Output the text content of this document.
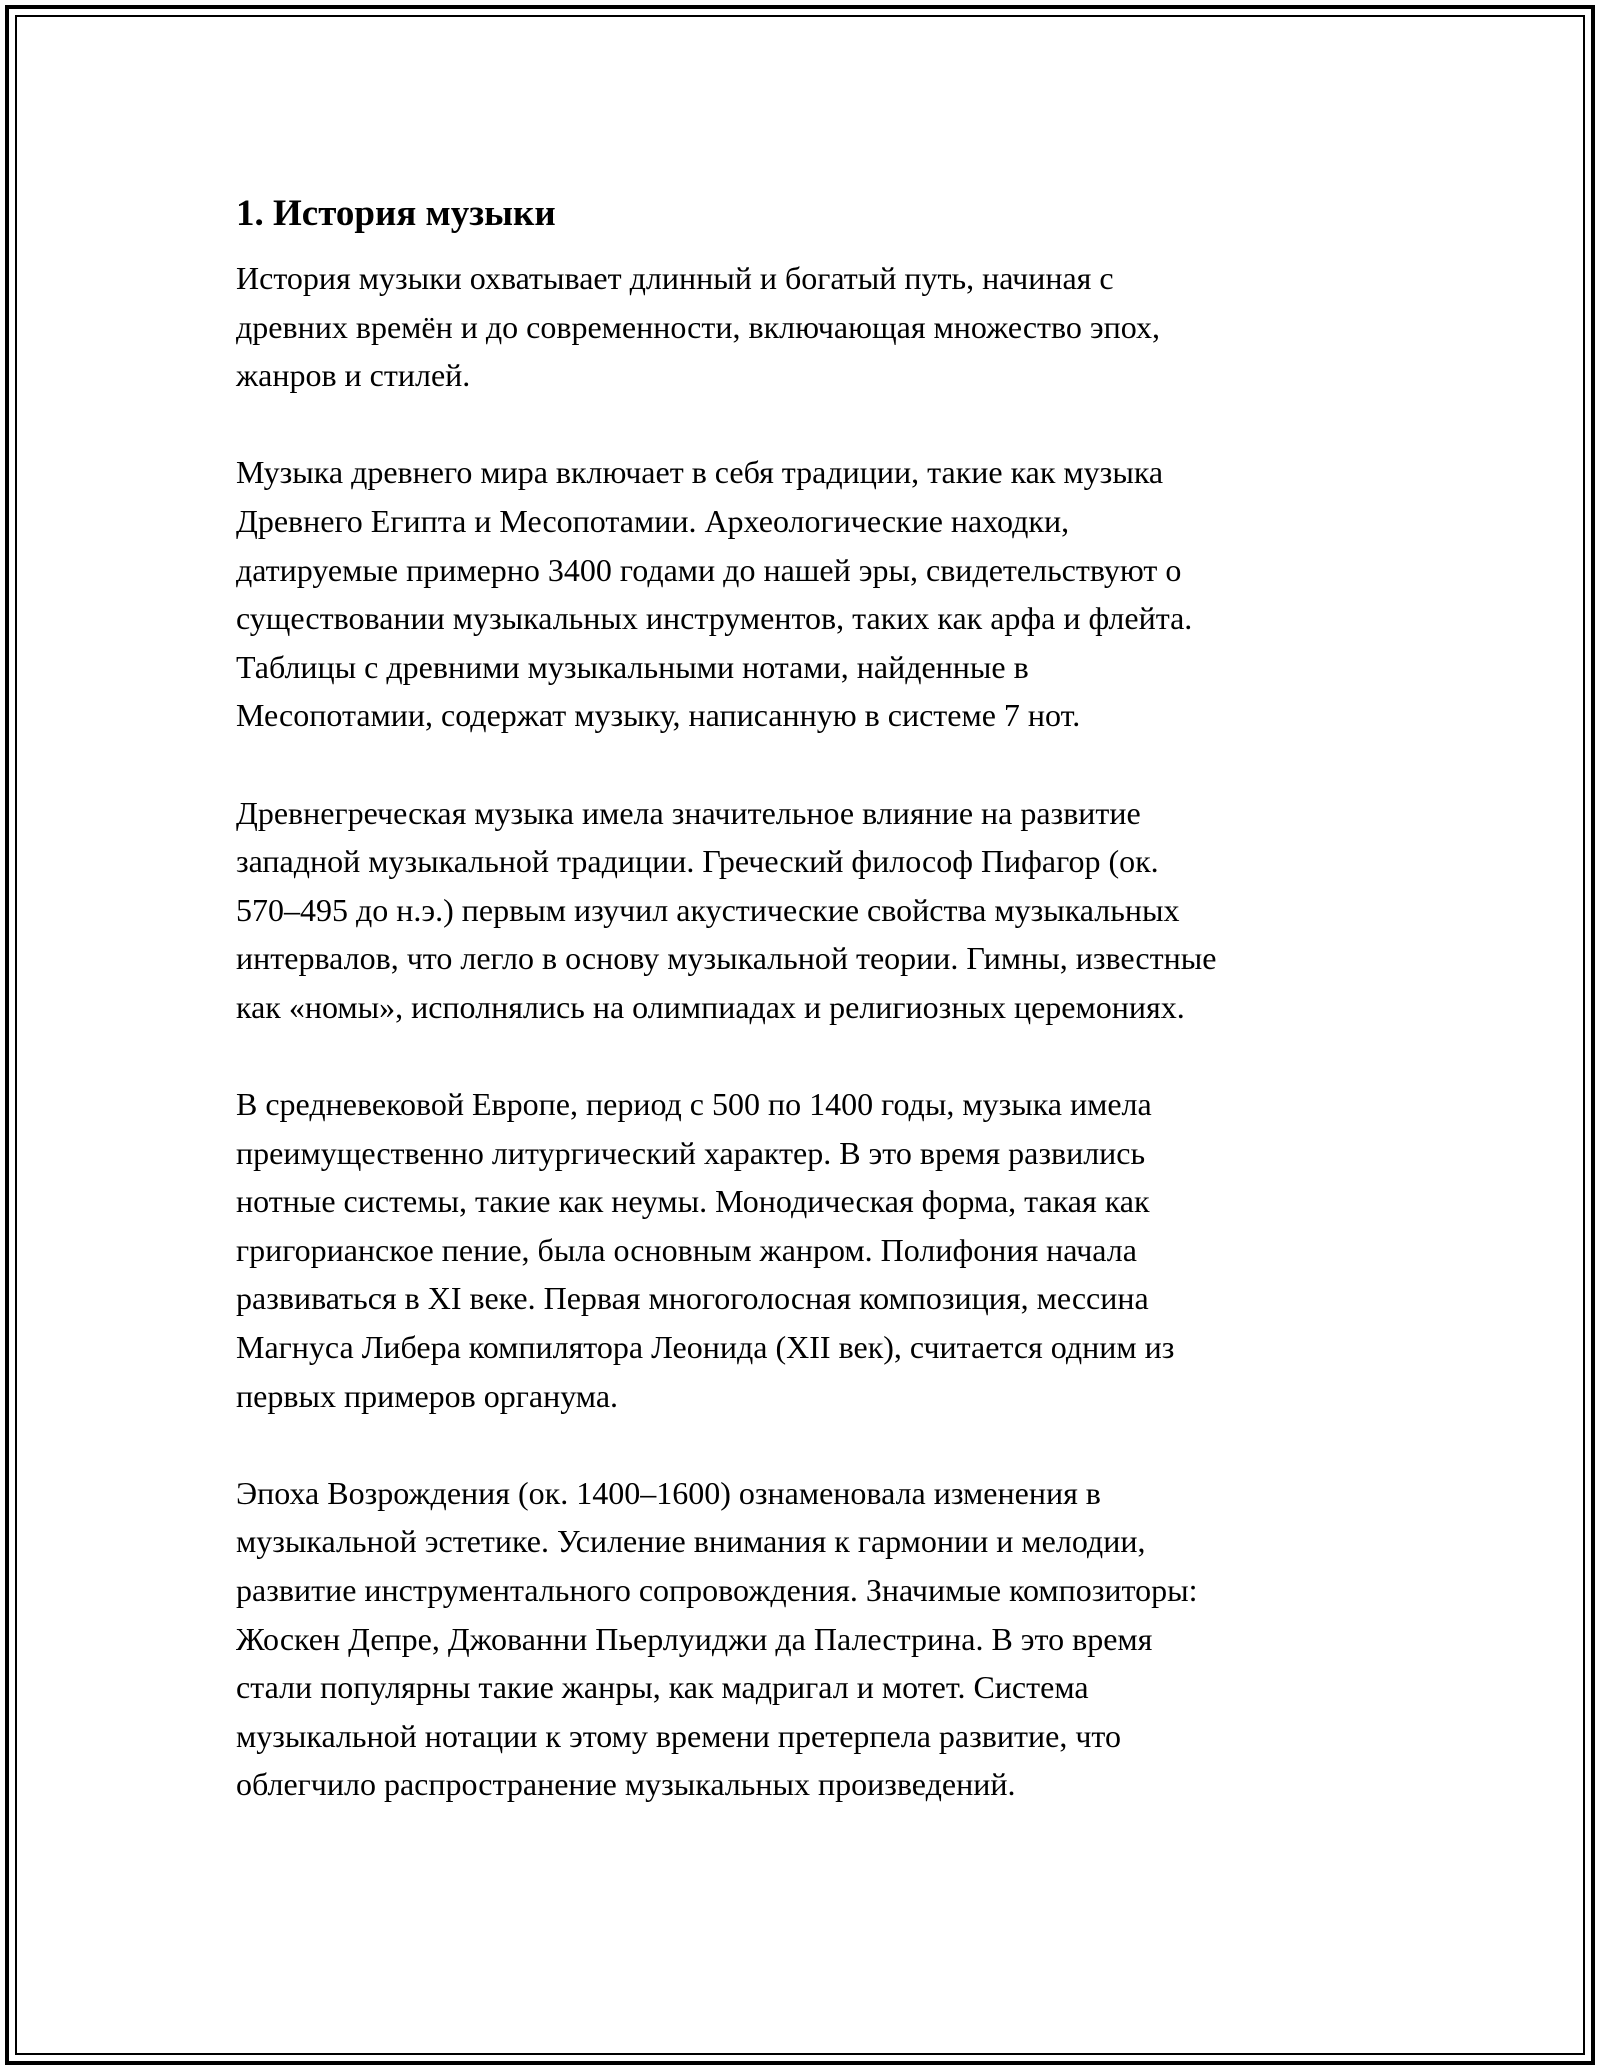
1. История музыки

История музыки охватывает длинный и богатый путь, начиная с
древних времён и до современности, включающая множество эпох,
жанров и стилей.

Музыка древнего мира включает в себя традиции, такие как музыка
Древнего Египта и Месопотамии. Археологические находки,
датируемые примерно 3400 годами до нашей эры, свидетельствуют о
существовании музыкальных инструментов, таких как арфа и флейта.
Таблицы с древними музыкальными нотами, найденные в
Месопотамии, содержат музыку, написанную в системе 7 нот.

Древнегреческая музыка имела значительное влияние на развитие
западной музыкальной традиции. Греческий философ Пифагор (ок.
570–495 до н.э.) первым изучил акустические свойства музыкальных
интервалов, что легло в основу музыкальной теории. Гимны, известные
как «номы», исполнялись на олимпиадах и религиозных церемониях.

В средневековой Европе, период с 500 по 1400 годы, музыка имела
преимущественно литургический характер. В это время развились
нотные системы, такие как неумы. Монодическая форма, такая как
григорианское пение, была основным жанром. Полифония начала
развиваться в XI веке. Первая многоголосная композиция, мессина
Магнуса Либера компилятора Леонида (XII век), считается одним из
первых примеров органума.

Эпоха Возрождения (ок. 1400–1600) ознаменовала изменения в
музыкальной эстетике. Усиление внимания к гармонии и мелодии,
развитие инструментального сопровождения. Значимые композиторы:
Жоскен Депре, Джованни Пьерлуиджи да Палестрина. В это время
стали популярны такие жанры, как мадригал и мотет. Система
музыкальной нотации к этому времени претерпела развитие, что
облегчило распространение музыкальных произведений.
